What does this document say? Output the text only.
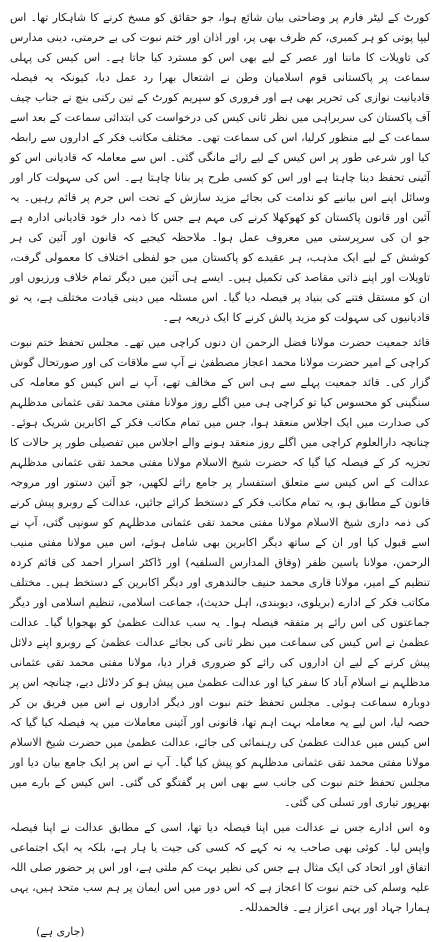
کورٹ کے لیٹر فارم پر وضاحتی بیان شائع ہوا، جو حقائق کو مسخ کرنے کا شاہکار تھا۔ اس لیپا پوتی کو ہر کمبری، کم ظرف بھی پر، اور اذان اور ختم نبوت کی بے حرمتی، دینی مدارس کی تاویلات کا ماننا اور عصر کے لیے بھی اس کو مسترد کیا جاتا ہے۔ اس کیس کی پہلی سماعت پر پاکستانی قوم اسلامیان وطن نے اشتعال بھرا رد عمل دیا، کیونکہ یہ فیصلہ قادیانیت نوازی کی تحریر بھی ہے اور فروری کو سپریم کورٹ کے تین رکنی بنچ نے جناب چیف آف پاکستان کی سربراہی میں نظر ثانی کیس کی درخواست کی ابتدائی سماعت کے بعد اسے سماعت کے لیے منظور کرلیا، اس کی سماعت تھی۔ مختلف مکاتب فکر کے اداروں سے رابطہ کیا اور شرعی طور پر اس کیس کے لیے رائے مانگی گئی۔ اس سے معاملہ کہ قادیانی اس کو آئینی تحفظ دینا چاہتا ہے اور اس کو کسی طرح پر بنانا چاہتا ہے۔ اس کی سہولت کار اور وسائل اپنے اس بیانیے کو ندامت کی بجائے مزید سازش کے تحت اس جرم پر قائم رہیں۔ یہ آئین اور قانون پاکستان کو کھوکھلا کرنے کی مہم ہے جس کا ذمہ دار خود قادیانی ادارہ ہے جو ان کی سرپرستی میں معروف عمل ہوا۔ ملاحظہ کیجیے کہ قانون اور آئین کی ہر کوشش کے لیے ایک مذہب، ہر عقیدے کو پاکستان میں جو لفظی اختلاف کا معمولی گرفت، تاویلات اور اپنے ذاتی مقاصد کی تکمیل ہیں۔ ایسے ہی آئین میں دیگر تمام خلاف ورزیوں اور ان کو مستقل فتنے کی بنیاد پر فیصلہ دیا گیا۔ اس مسئلہ میں دینی قیادت مختلف ہے، یہ تو قادیانیوں کی سہولت کو مزید پالش کرنے کا ایک ذریعہ ہے۔

قائد جمعیت حضرت مولانا فضل الرحمن ان دنوں کراچی میں تھے۔ مجلس تحفظ ختم نبوت کراچی کے امیر حضرت مولانا محمد اعجاز مصطفیٰ نے آپ سے ملاقات کی اور صورتحال گوش گزار کی۔ قائد جمعیت پہلے سے ہی اس کے مخالف تھے، آپ نے اس کیس کو معاملہ کی سنگینی کو محسوس کیا تو کراچی ہی میں اگلے روز مولانا مفتی محمد تقی عثمانی مدظلہم کی صدارت میں ایک اجلاس منعقد ہوا، جس میں تمام مکاتب فکر کے اکابرین شریک ہوئے۔ چنانچہ دارالعلوم کراچی میں اگلے روز منعقد ہونے والے اجلاس میں تفصیلی طور پر حالات کا تجزیہ کر کے فیصلہ کیا گیا کہ حضرت شیخ الاسلام مولانا مفتی محمد تقی عثمانی مدظلہم عدالت کے اس کیس سے متعلق استفسار پر جامع رائے لکھیں، جو آئین دستور اور مروجہ قانون کے مطابق ہو، یہ تمام مکاتب فکر کے دستخط کرائے جائیں، عدالت کے روبرو پیش کرنے کی ذمہ داری شیخ الاسلام مولانا مفتی محمد تقی عثمانی مدظلہم کو سونپی گئی، آپ نے اسے قبول کیا اور ان کے ساتھ دیگر اکابرین بھی شامل ہوئے، اس میں مولانا مفتی منیب الرحمن، مولانا یاسین ظفر (وفاق المدارس السلفیہ) اور ڈاکٹر اسرار احمد کی قائم کردہ تنظیم کے امیر، مولانا قاری محمد حنیف جالندھری اور دیگر اکابرین کے دستخط ہیں۔ مختلف مکاتب فکر کے ادارے (بریلوی، دیوبندی، اہل حدیث)، جماعت اسلامی، تنظیم اسلامی اور دیگر جماعتوں کی اس رائے پر متفقہ فیصلہ ہوا۔ یہ سب عدالت عظمیٰ کو بھجوایا گیا۔ عدالت عظمیٰ نے اس کیس کی سماعت میں نظر ثانی کی بجائے عدالت عظمیٰ کے روبرو اپنے دلائل پیش کرنے کے لیے ان اداروں کی رائے کو ضروری قرار دیا، مولانا مفتی محمد تقی عثمانی مدظلہم نے اسلام آباد کا سفر کیا اور عدالت عظمیٰ میں پیش ہو کر دلائل دیے، چنانچہ اس پر دوبارہ سماعت ہوئی۔ مجلس تحفظ ختم نبوت اور دیگر اداروں نے اس میں فریق بن کر حصہ لیا، اس لیے یہ معاملہ بہت اہم تھا، قانونی اور آئینی معاملات میں یہ فیصلہ کیا گیا کہ اس کیس میں عدالت عظمیٰ کی رہنمائی کی جائے، عدالت عظمیٰ میں حضرت شیخ الاسلام مولانا مفتی محمد تقی عثمانی مدظلہم کو پیش کیا گیا۔ آپ نے اس پر ایک جامع بیان دیا اور مجلس تحفظ ختم نبوت کی جانب سے بھی اس پر گفتگو کی گئی۔ اس کیس کے بارے میں بھرپور تیاری اور تسلی کی گئی۔

وہ اس ادارے جس نے عدالت میں اپنا فیصلہ دیا تھا، اسی کے مطابق عدالت نے اپنا فیصلہ واپس لیا۔ کوئی بھی صاحب یہ نہ کہے کہ کسی کی جیت یا ہار ہے، بلکہ یہ ایک اجتماعی اتفاق اور اتحاد کی ایک مثال ہے جس کی نظیر بہت کم ملتی ہے، اور اس پر حضور صلی اللہ علیہ وسلم کی ختم نبوت کا اعجاز ہے کہ اس دور میں اس ایمان پر ہم سب متحد ہیں، یہی ہمارا جہاد اور یہی اعزاز ہے۔ فالحمدللہ۔

(جاری ہے)
